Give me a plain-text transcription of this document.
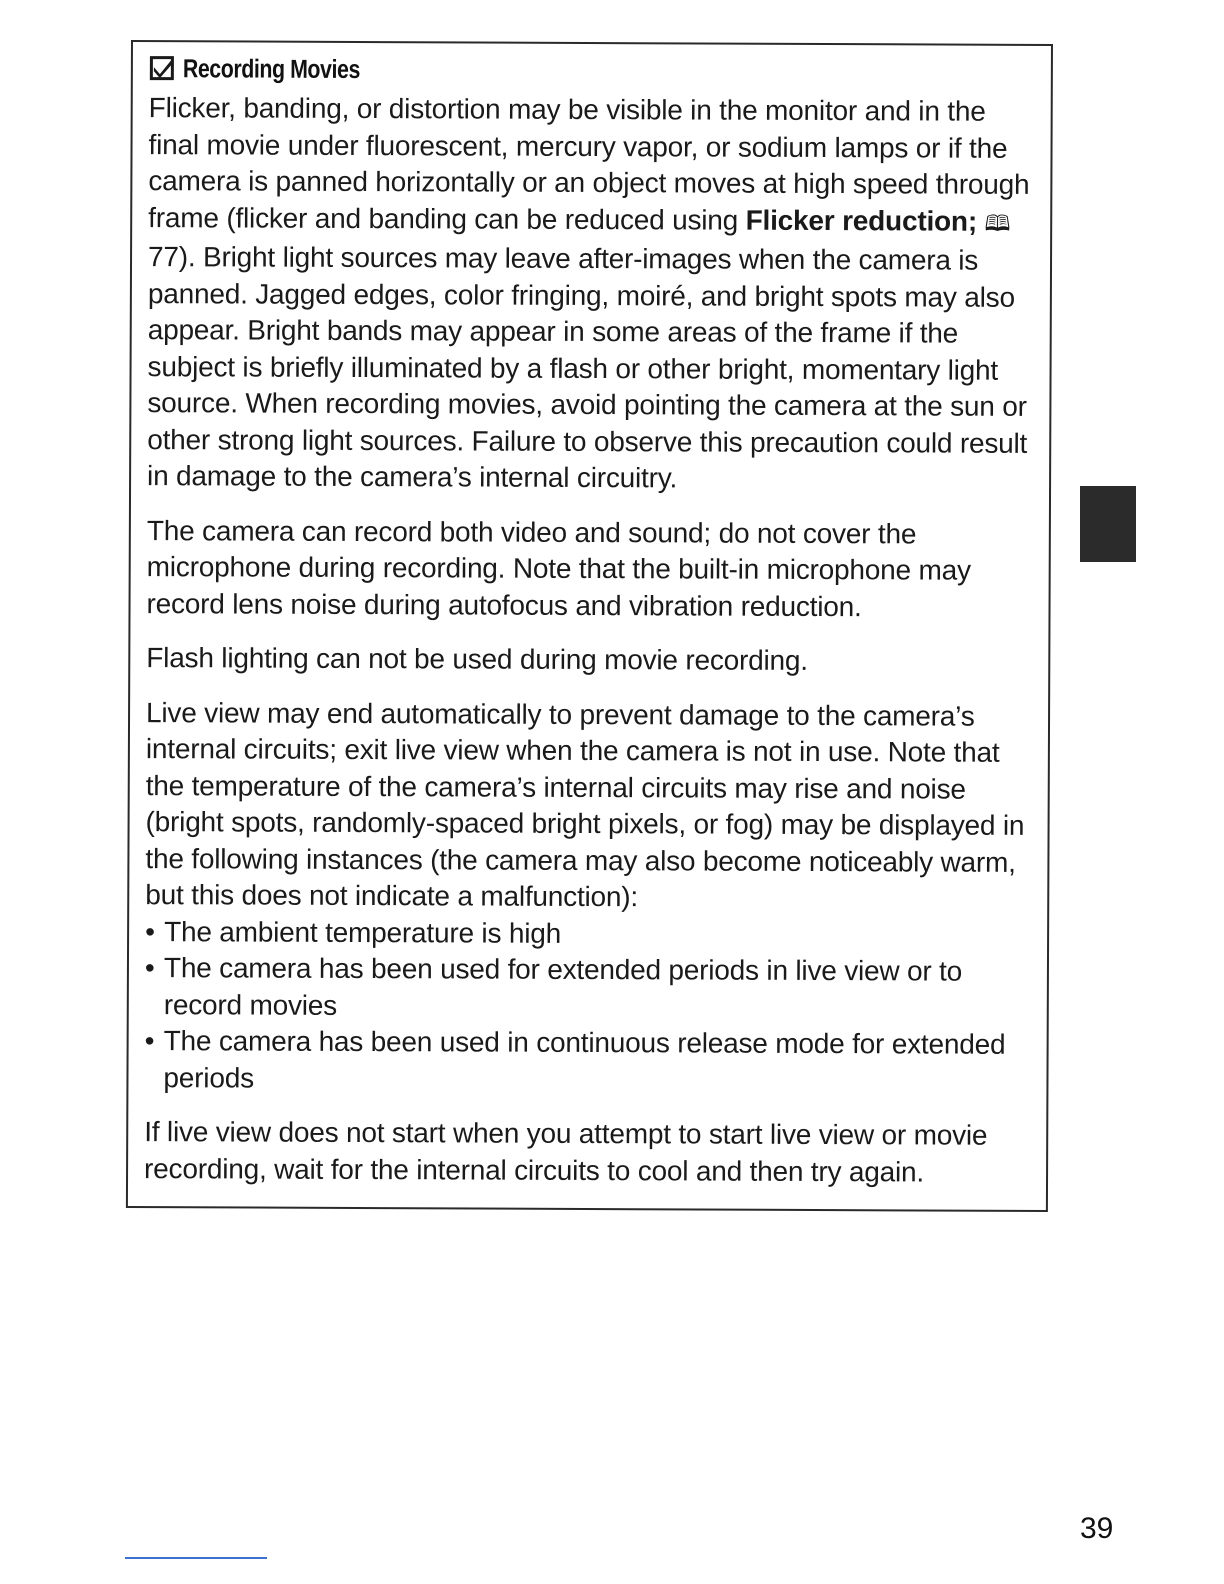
Recording Movies

Flicker, banding, or distortion may be visible in the monitor and in the final movie under fluorescent, mercury vapor, or sodium lamps or if the camera is panned horizontally or an object moves at high speed through frame (flicker and banding can be reduced using Flicker reduction; 🕮 77). Bright light sources may leave after-images when the camera is panned. Jagged edges, color fringing, moiré, and bright spots may also appear. Bright bands may appear in some areas of the frame if the subject is briefly illuminated by a flash or other bright, momentary light source. When recording movies, avoid pointing the camera at the sun or other strong light sources. Failure to observe this precaution could result in damage to the camera’s internal circuitry.

The camera can record both video and sound; do not cover the microphone during recording. Note that the built-in microphone may record lens noise during autofocus and vibration reduction.

Flash lighting can not be used during movie recording.

Live view may end automatically to prevent damage to the camera’s internal circuits; exit live view when the camera is not in use. Note that the temperature of the camera’s internal circuits may rise and noise (bright spots, randomly-spaced bright pixels, or fog) may be displayed in the following instances (the camera may also become noticeably warm, but this does not indicate a malfunction):

• The ambient temperature is high
• The camera has been used for extended periods in live view or to record movies
• The camera has been used in continuous release mode for extended periods

If live view does not start when you attempt to start live view or movie recording, wait for the internal circuits to cool and then try again.

39
